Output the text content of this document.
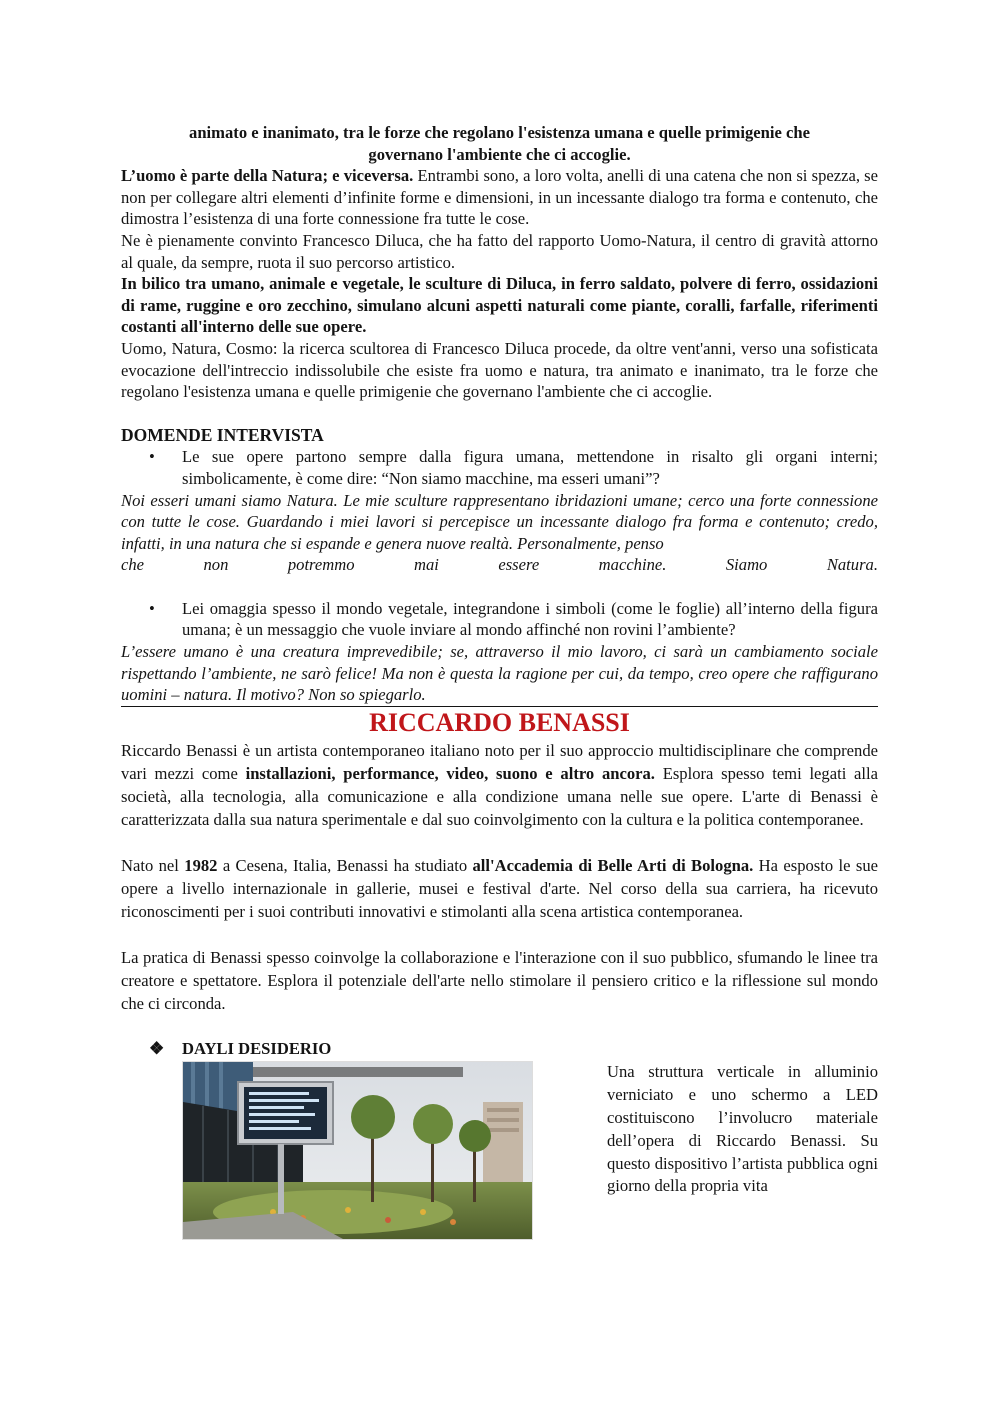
animato e inanimato, tra le forze che regolano l'esistenza umana e quelle primigenie che

governano l'ambiente che ci accoglie.

L’uomo è parte della Natura; e viceversa. Entrambi sono, a loro volta, anelli di una catena che non si spezza, se non per collegare altri elementi d’infinite forme e dimensioni, in un incessante dialogo tra forma e contenuto, che dimostra l’esistenza di una forte connessione fra tutte le cose.

Ne è pienamente convinto Francesco Diluca, che ha fatto del rapporto Uomo-Natura, il centro di gravità attorno al quale, da sempre, ruota il suo percorso artistico.

In bilico tra umano, animale e vegetale, le sculture di Diluca, in ferro saldato, polvere di ferro, ossidazioni di rame, ruggine e oro zecchino, simulano alcuni aspetti naturali come piante, coralli, farfalle, riferimenti costanti all'interno delle sue opere.

Uomo, Natura, Cosmo: la ricerca scultorea di Francesco Diluca procede, da oltre vent'anni, verso una sofisticata evocazione dell'intreccio indissolubile che esiste fra uomo e natura, tra animato e inanimato, tra le forze che regolano l'esistenza umana e quelle primigenie che governano l'ambiente che ci accoglie.

DOMENDE INTERVISTA

• Le sue opere partono sempre dalla figura umana, mettendone in risalto gli organi interni; simbolicamente, è come dire: “Non siamo macchine, ma esseri umani”?

Noi esseri umani siamo Natura. Le mie sculture rappresentano ibridazioni umane; cerco una forte connessione con tutte le cose. Guardando i miei lavori si percepisce un incessante dialogo fra forma e contenuto; credo, infatti, in una natura che si espande e genera nuove realtà. Personalmente, penso

che non potremmo mai essere macchine. Siamo Natura.

• Lei omaggia spesso il mondo vegetale, integrandone i simboli (come le foglie) all’interno della figura umana; è un messaggio che vuole inviare al mondo affinché non rovini l’ambiente?

L’essere umano è una creatura imprevedibile; se, attraverso il mio lavoro, ci sarà un cambiamento sociale rispettando l’ambiente, ne sarò felice! Ma non è questa la ragione per cui, da tempo, creo opere che raffigurano uomini – natura. Il motivo? Non so spiegarlo.

RICCARDO BENASSI

Riccardo Benassi è un artista contemporaneo italiano noto per il suo approccio multidisciplinare che comprende vari mezzi come installazioni, performance, video, suono e altro ancora. Esplora spesso temi legati alla società, alla tecnologia, alla comunicazione e alla condizione umana nelle sue opere. L'arte di Benassi è caratterizzata dalla sua natura sperimentale e dal suo coinvolgimento con la cultura e la politica contemporanee.

Nato nel 1982 a Cesena, Italia, Benassi ha studiato all'Accademia di Belle Arti di Bologna. Ha esposto le sue opere a livello internazionale in gallerie, musei e festival d'arte. Nel corso della sua carriera, ha ricevuto riconoscimenti per i suoi contributi innovativi e stimolanti alla scena artistica contemporanea.

La pratica di Benassi spesso coinvolge la collaborazione e l'interazione con il suo pubblico, sfumando le linee tra creatore e spettatore. Esplora il potenziale dell'arte nello stimolare il pensiero critico e la riflessione sul mondo che ci circonda.

❖ DAYLI DESIDERIO

Una struttura verticale in alluminio verniciato e uno schermo a LED costituiscono l’involucro materiale dell’opera di Riccardo Benassi. Su questo dispositivo l’artista pubblica ogni giorno della propria vita
